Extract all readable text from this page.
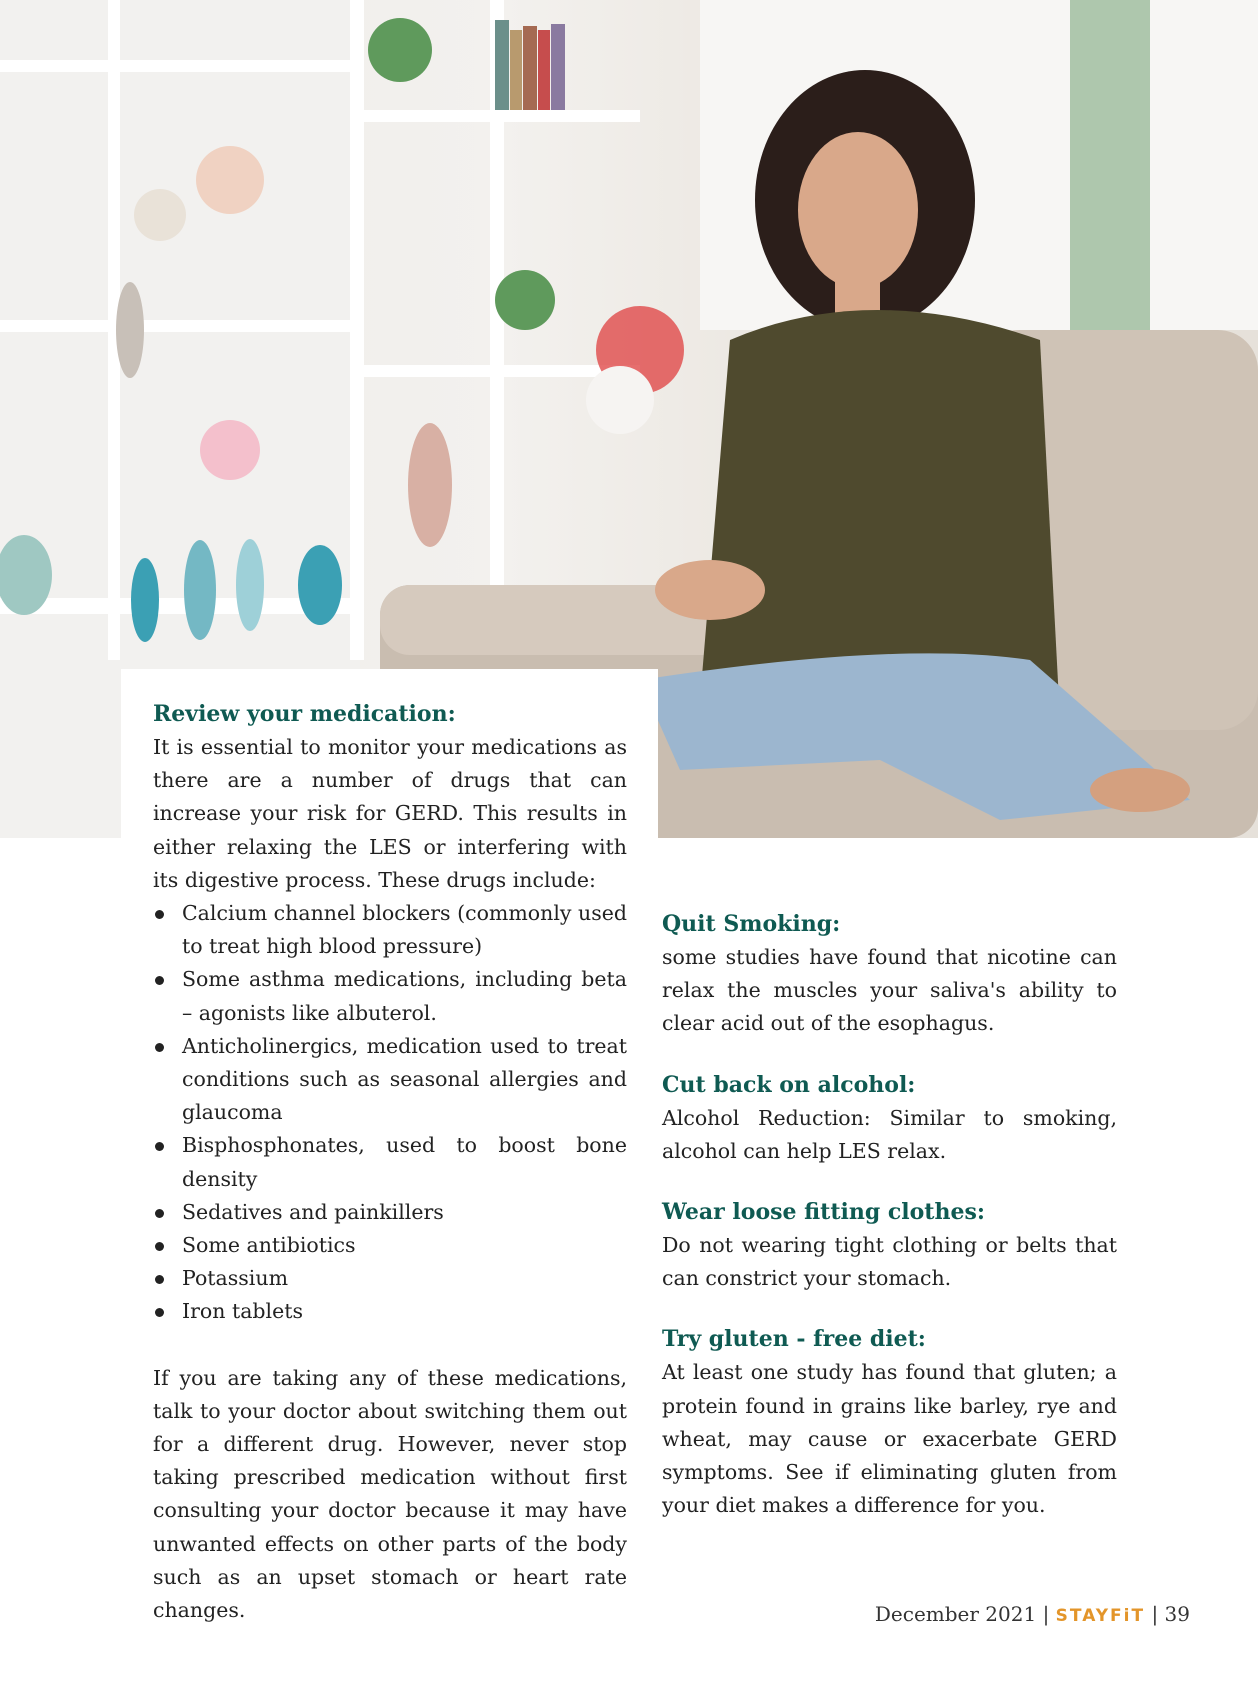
Review your medication:

It is essential to monitor your medications as there are a number of drugs that can increase your risk for GERD. This results in either relaxing the LES or interfering with its digestive process. These drugs include:

Calcium channel blockers (commonly used to treat high blood pressure)
Some asthma medications, including beta – agonists like albuterol.
Anticholinergics, medication used to treat conditions such as seasonal allergies and glaucoma
Bisphosphonates, used to boost bone density
Sedatives and painkillers
Some antibiotics
Potassium
Iron tablets

If you are taking any of these medications, talk to your doctor about switching them out for a different drug. However, never stop taking prescribed medication without first consulting your doctor because it may have unwanted effects on other parts of the body such as an upset stomach or heart rate changes.

Quit Smoking:

some studies have found that nicotine can relax the muscles your saliva's ability to clear acid out of the esophagus.

Cut back on alcohol:

Alcohol Reduction: Similar to smoking, alcohol can help LES relax.

Wear loose fitting clothes:

Do not wearing tight clothing or belts that can constrict your stomach.

Try gluten - free diet:

At least one study has found that gluten; a protein found in grains like barley, rye and wheat, may cause or exacerbate GERD symptoms. See if eliminating gluten from your diet makes a difference for you.

December 2021 | STAYFiT | 39
